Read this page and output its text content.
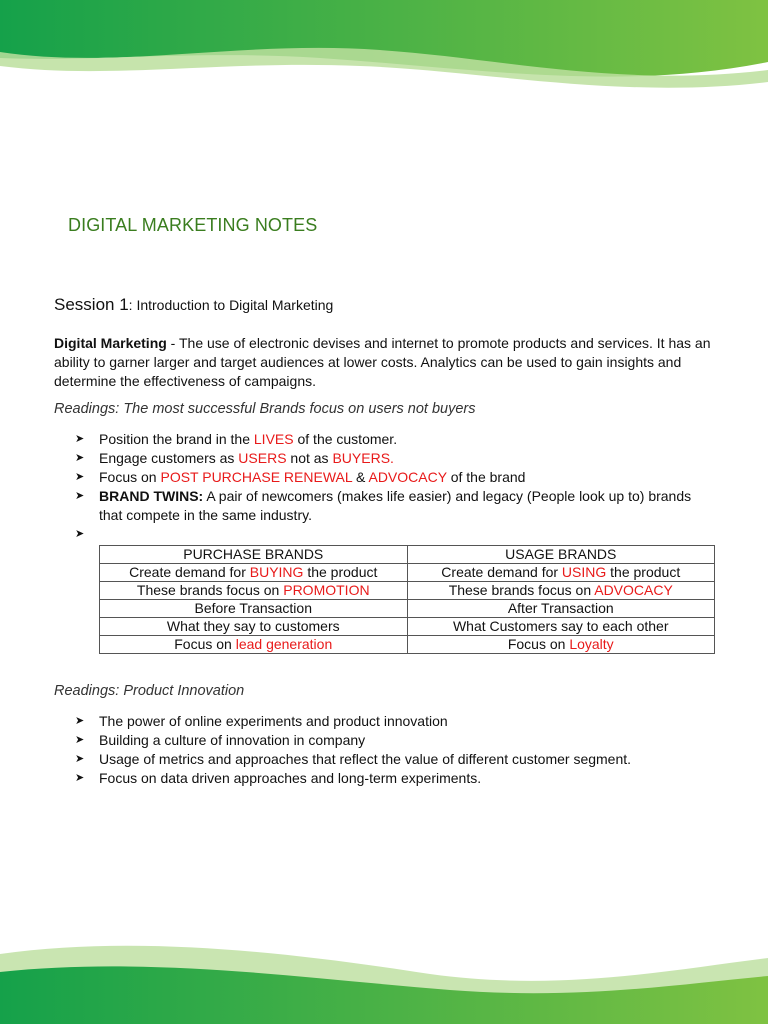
DIGITAL MARKETING NOTES
Session 1: Introduction to Digital Marketing
Digital Marketing - The use of electronic devises and internet to promote products and services. It has an ability to garner larger and target audiences at lower costs. Analytics can be used to gain insights and determine the effectiveness of campaigns.
Readings: The most successful Brands focus on users not buyers
➤ Position the brand in the LIVES of the customer.
➤ Engage customers as USERS not as BUYERS.
➤ Focus on POST PURCHASE RENEWAL & ADVOCACY of the brand
➤ BRAND TWINS: A pair of newcomers (makes life easier) and legacy (People look up to) brands that compete in the same industry.
➤

PURCHASE BRANDS	USAGE BRANDS
Create demand for BUYING the product	Create demand for USING the product
These brands focus on PROMOTION	These brands focus on ADVOCACY
Before Transaction	After Transaction
What they say to customers	What Customers say to each other
Focus on lead generation	Focus on Loyalty
Readings: Product Innovation
➤ The power of online experiments and product innovation
➤ Building a culture of innovation in company
➤ Usage of metrics and approaches that reflect the value of different customer segment.
➤ Focus on data driven approaches and long-term experiments.
